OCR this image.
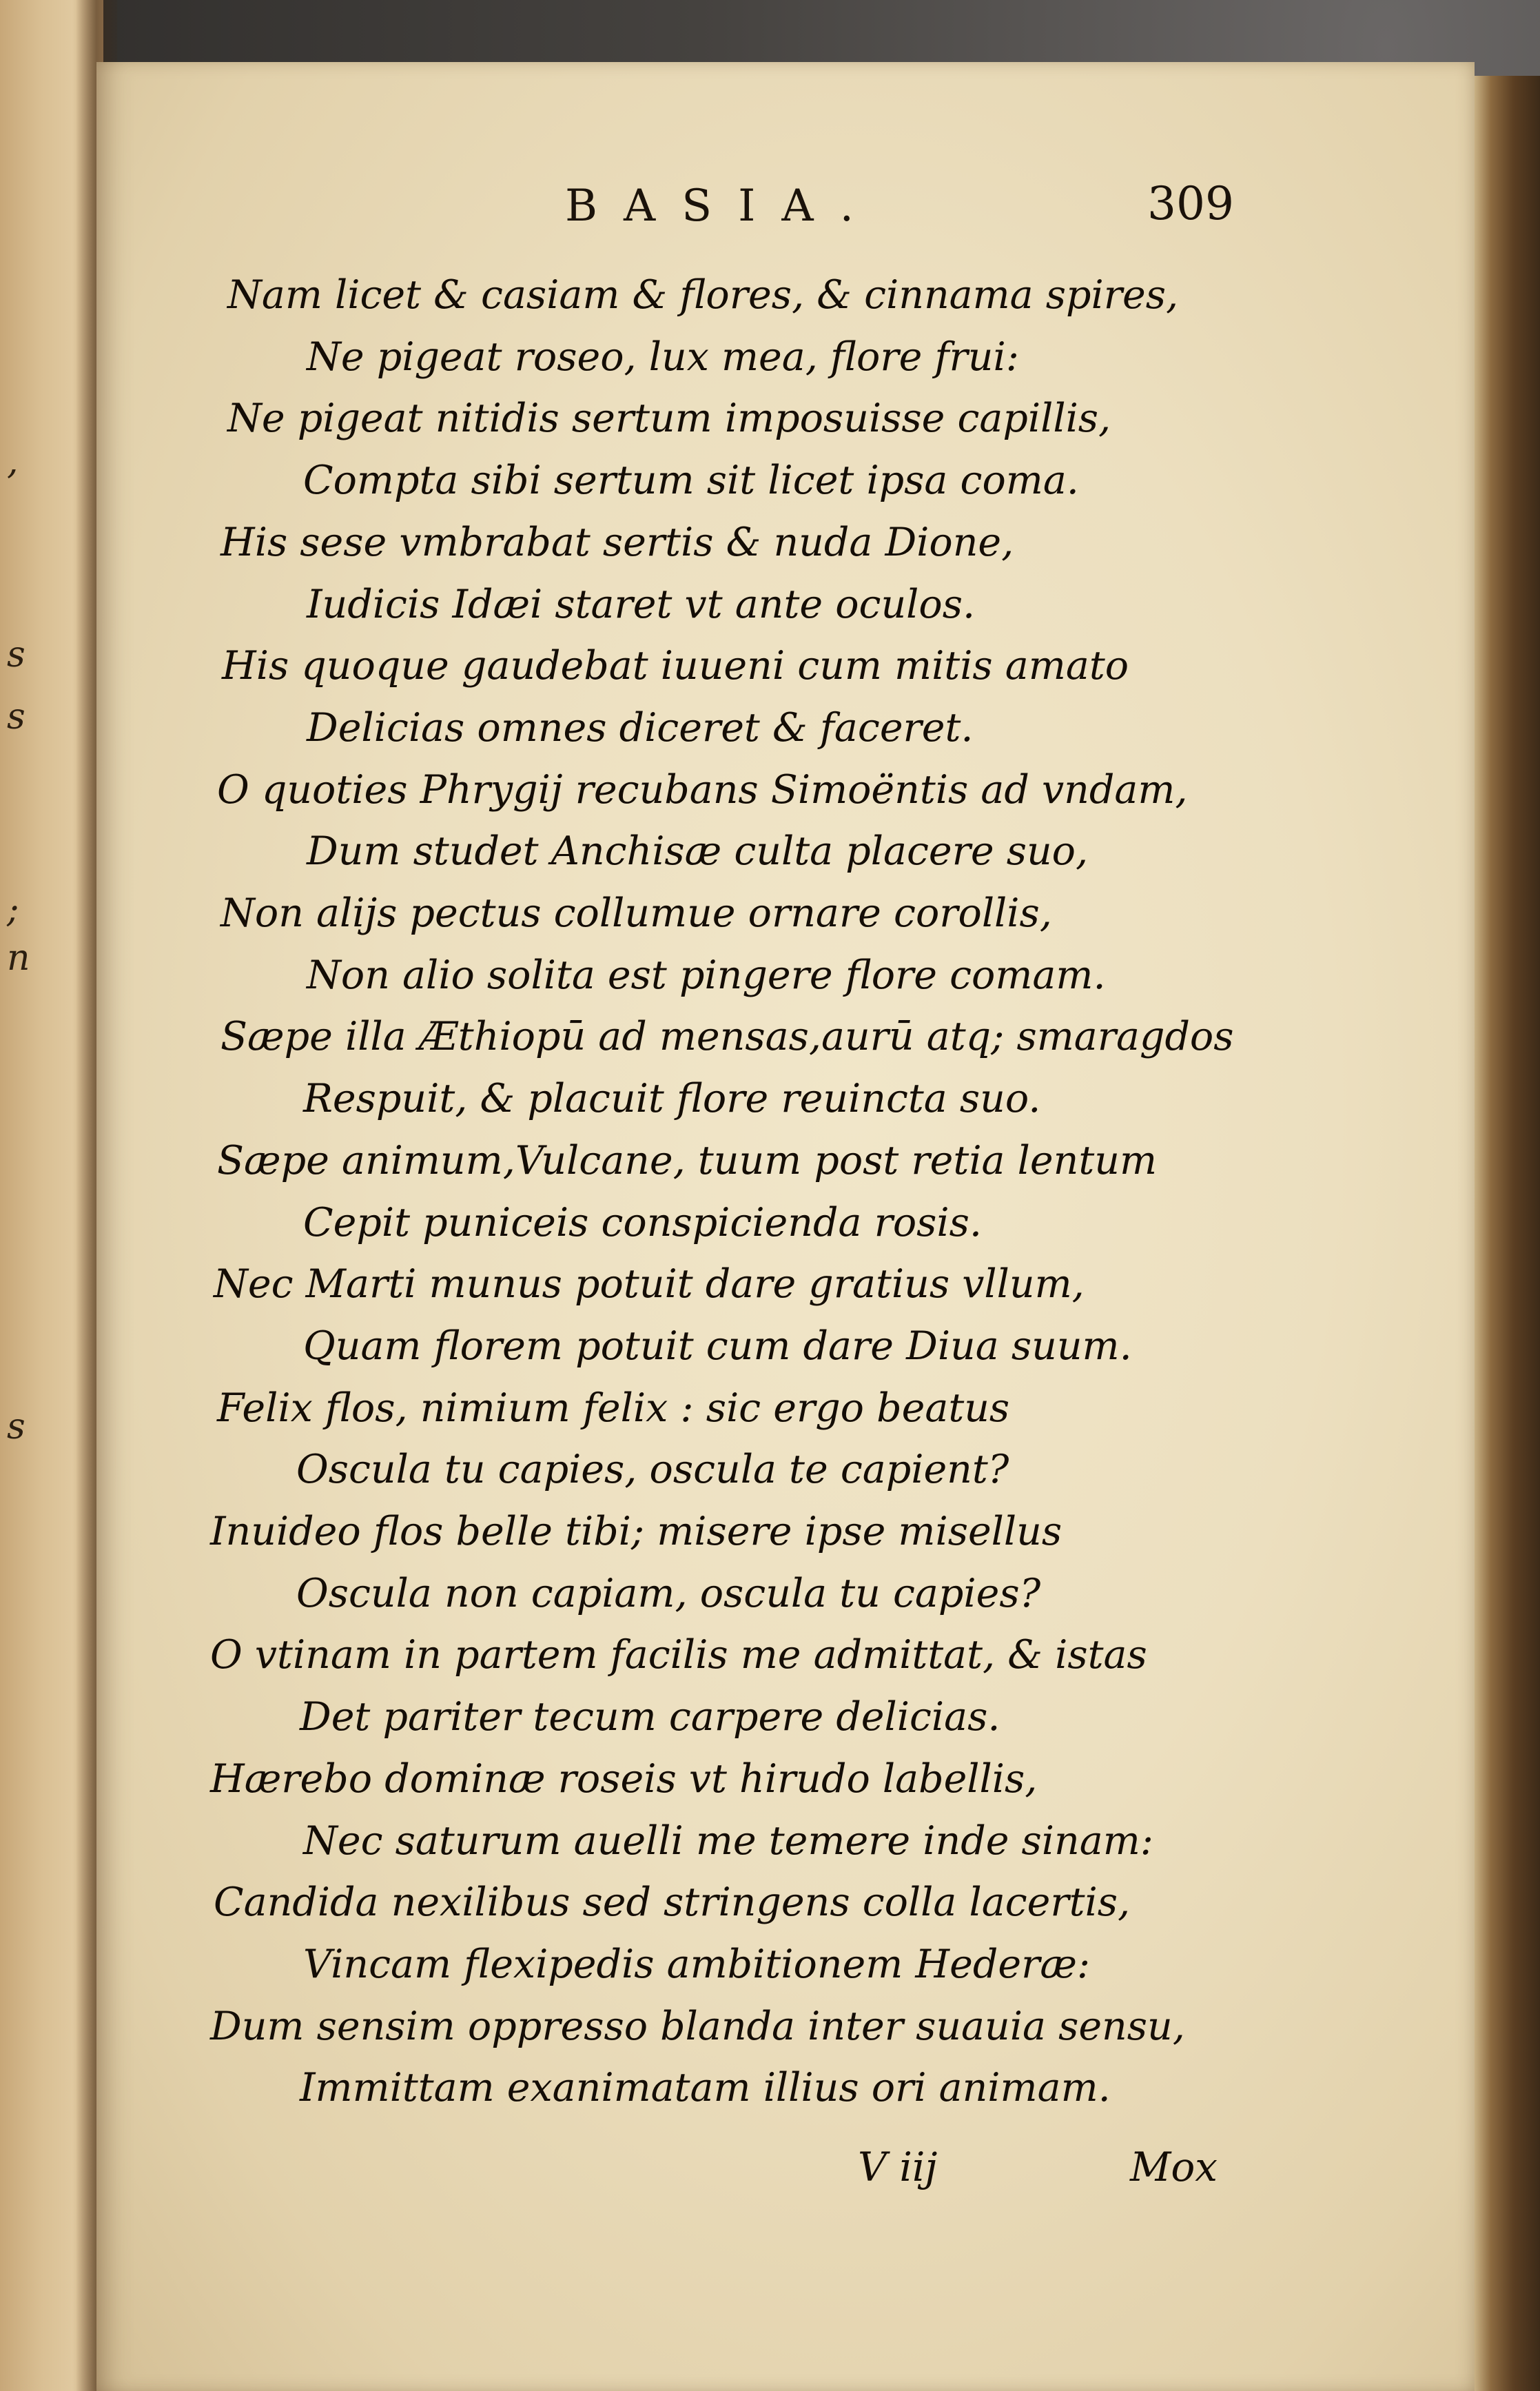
,
s
s
;
n
s
BASIA.	309
Nam licet & casiam & flores, & cinnama spires,
Ne pigeat roseo, lux mea, flore frui:
Ne pigeat nitidis sertum imposuisse capillis,
Compta sibi sertum sit licet ipsa coma.
His sese vmbrabat sertis & nuda Dione,
Iudicis Idæi staret vt ante oculos.
His quoque gaudebat iuueni cum mitis amato
Delicias omnes diceret & faceret.
O quoties Phrygij recubans Simoëntis ad vndam,
Dum studet Anchisæ culta placere suo,
Non alijs pectus collumue ornare corollis,
Non alio solita est pingere flore comam.
Sæpe illa Æthiopū ad mensas,aurū atq; smaragdos
Respuit, & placuit flore reuincta suo.
Sæpe animum,Vulcane, tuum post retia lentum
Cepit puniceis conspicienda rosis.
Nec Marti munus potuit dare gratius vllum,
Quam florem potuit cum dare Diua suum.
Felix flos, nimium felix : sic ergo beatus
Oscula tu capies, oscula te capient?
Inuideo flos belle tibi; misere ipse misellus
Oscula non capiam, oscula tu capies?
O vtinam in partem facilis me admittat, & istas
Det pariter tecum carpere delicias.
Hærebo dominæ roseis vt hirudo labellis,
Nec saturum auelli me temere inde sinam:
Candida nexilibus sed stringens colla lacertis,
Vincam flexipedis ambitionem Hederæ:
Dum sensim oppresso blanda inter suauia sensu,
Immittam exanimatam illius ori animam.
V iij	Mox
